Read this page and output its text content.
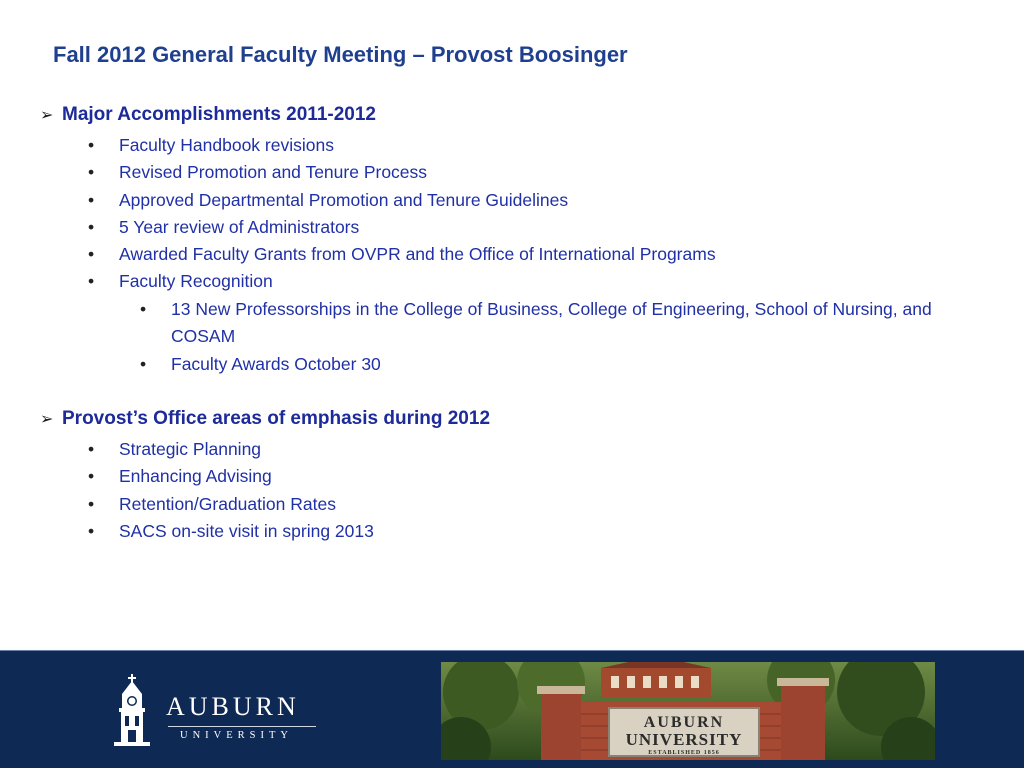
Fall 2012 General Faculty Meeting – Provost Boosinger
➢ Major Accomplishments 2011-2012
•	Faculty Handbook revisions
•	Revised Promotion and Tenure Process
•	Approved Departmental Promotion and Tenure Guidelines
•	5 Year review of Administrators
•	Awarded Faculty Grants from OVPR and the Office of International Programs
•	Faculty Recognition
•	13 New Professorships in the College of Business, College of Engineering, School of Nursing, and COSAM
•	Faculty Awards October 30
➢ Provost’s Office areas of emphasis during 2012
•	Strategic Planning
•	Enhancing Advising
•	Retention/Graduation Rates
•	SACS on-site visit in spring 2013
AUBURN
UNIVERSITY
AUBURN
UNIVERSITY
ESTABLISHED 1856
